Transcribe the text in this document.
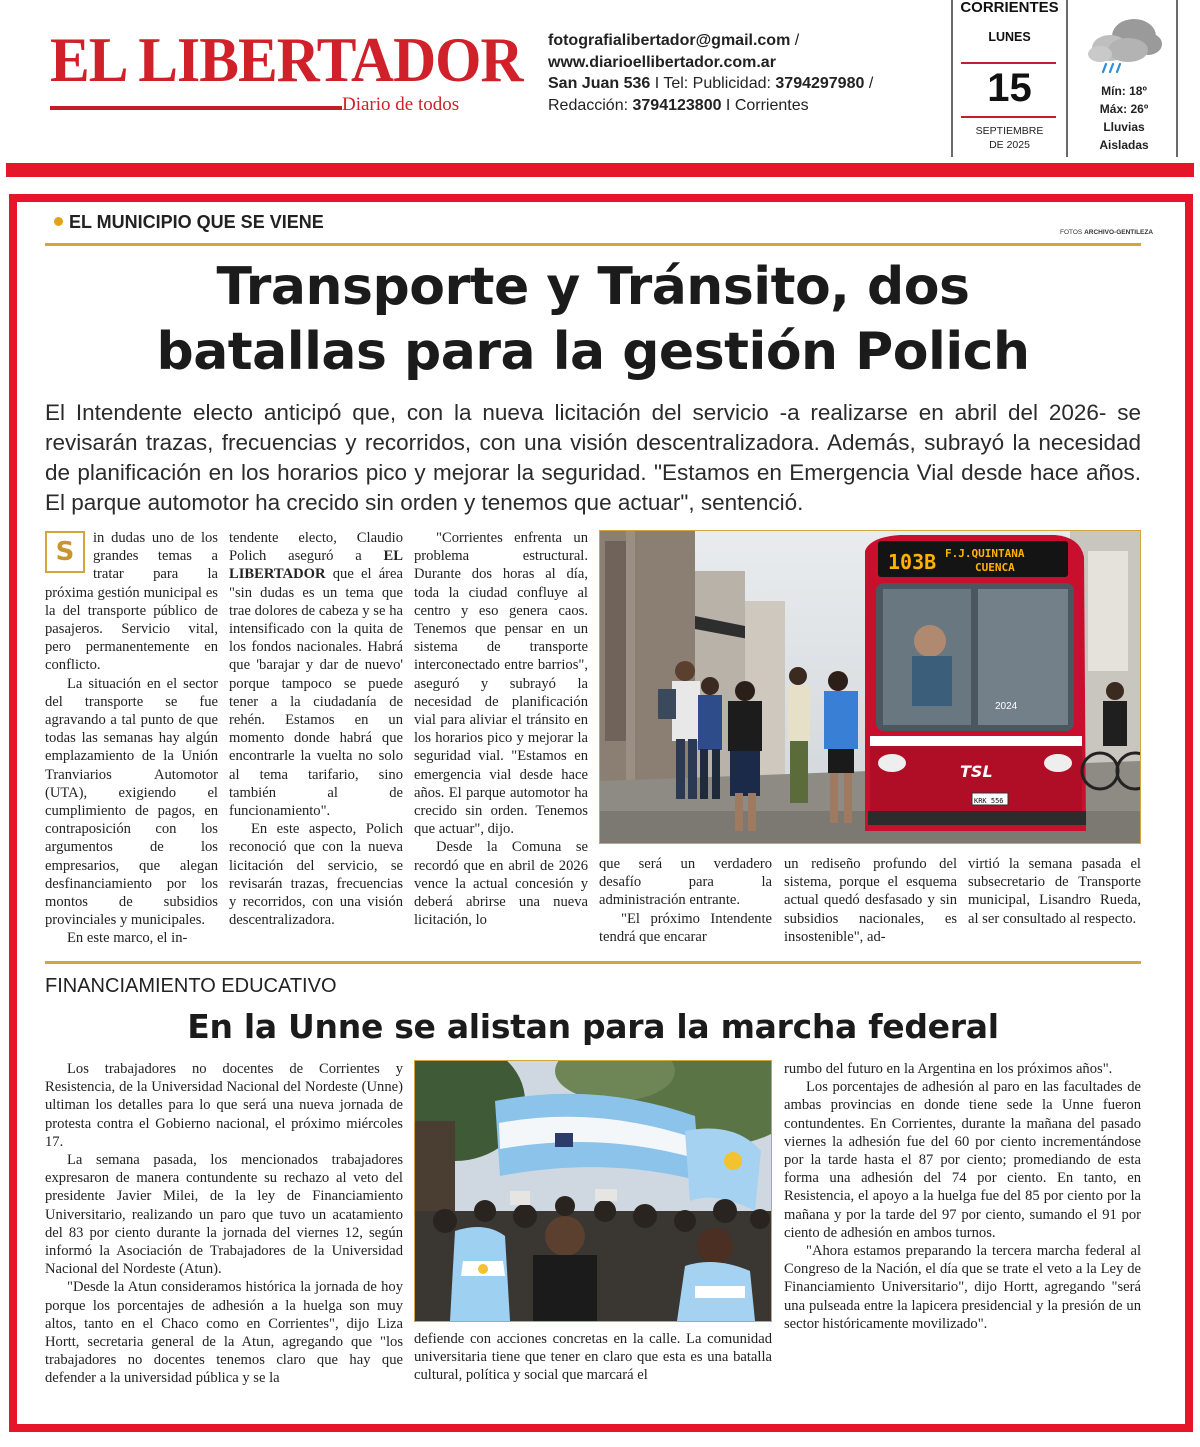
EL LIBERTADOR
Diario de todos
fotografialibertador@gmail.com /
www.diarioellibertador.com.ar
San Juan 536 I Tel: Publicidad: 3794297980 /
Redacción: 3794123800 I Corrientes
CORRIENTES
LUNES
15
SEPTIEMBRE
DE 2025
Mín: 18º
Máx: 26º
Lluvias
Aisladas
EL MUNICIPIO QUE SE VIENE
FOTOS ARCHIVO-GENTILEZA
Transporte y Tránsito, dos
batallas para la gestión Polich
El Intendente electo anticipó que, con la nueva licitación del servicio -a realizarse en abril del 2026- se revisarán trazas, frecuencias y recorridos, con una visión descentralizadora. Además, subrayó la necesidad de planificación en los horarios pico y mejorar la seguridad. "Estamos en Emergencia Vial desde hace años. El parque automotor ha crecido sin orden y tenemos que actuar", sentenció.
S	in dudas uno de los grandes temas a tratar para la próxima gestión municipal es la del transporte público de pasajeros. Servicio vital, pero permanentemente en conflicto.

La situación en el sector del transporte se fue agravando a tal punto de que todas las semanas hay algún emplazamiento de la Unión Tranviarios Automotor (UTA), exigiendo el cumplimiento de pagos, en contraposición con los argumentos de los empresarios, que alegan desfinanciamiento por los montos de subsidios provinciales y municipales.

En este marco, el in-

tendente electo, Claudio Polich aseguró a EL LIBERTADOR que el área "sin dudas es un tema que trae dolores de cabeza y se ha intensificado con la quita de los fondos nacionales. Habrá que 'barajar y dar de nuevo' porque tampoco se puede tener a la ciudadanía de rehén. Estamos en un momento donde habrá que encontrarle la vuelta no solo al tema tarifario, sino también al de funcionamiento".

En este aspecto, Polich reconoció que con la nueva licitación del servicio, se revisarán trazas, frecuencias y recorridos, con una visión descentralizadora.

"Corrientes enfrenta un problema estructural. Durante dos horas al día, toda la ciudad confluye al centro y eso genera caos. Tenemos que pensar en un sistema de transporte interconectado entre barrios", aseguró y subrayó la necesidad de planificación vial para aliviar el tránsito en los horarios pico y mejorar la seguridad vial. "Estamos en emergencia vial desde hace años. El parque automotor ha crecido sin orden. Tenemos que actuar", dijo.

Desde la Comuna se recordó que en abril de 2026 vence la actual concesión y deberá abrirse una nueva licitación, lo

103B F.J.QUINTANA
CUENCA
2024
TSL
KRK 556

que será un verdadero desafío para la administración entrante.

"El próximo Intendente tendrá que encarar

un rediseño profundo del sistema, porque el esquema actual quedó desfasado y sin subsidios nacionales, es insostenible", ad-

virtió la semana pasada el subsecretario de Transporte municipal, Lisandro Rueda, al ser consultado al respecto.

FINANCIAMIENTO EDUCATIVO
En la Unne se alistan para la marcha federal

Los trabajadores no docentes de Corrientes y Resistencia, de la Universidad Nacional del Nordeste (Unne) ultiman los detalles para lo que será una nueva jornada de protesta contra el Gobierno nacional, el próximo miércoles 17.

La semana pasada, los mencionados trabajadores expresaron de manera contundente su rechazo al veto del presidente Javier Milei, de la ley de Financiamiento Universitario, realizando un paro que tuvo un acatamiento del 83 por ciento durante la jornada del viernes 12, según informó la Asociación de Trabajadores de la Universidad Nacional del Nordeste (Atun).

"Desde la Atun consideramos histórica la jornada de hoy porque los porcentajes de adhesión a la huelga son muy altos, tanto en el Chaco como en Corrientes", dijo Liza Hortt, secretaria general de la Atun, agregando que "los trabajadores no docentes tenemos claro que hay que defender a la universidad pública y se la

defiende con acciones concretas en la calle. La comunidad universitaria tiene que tener en claro que esta es una batalla cultural, política y social que marcará el

rumbo del futuro en la Argentina en los próximos años".

Los porcentajes de adhesión al paro en las facultades de ambas provincias en donde tiene sede la Unne fueron contundentes. En Corrientes, durante la mañana del pasado viernes la adhesión fue del 60 por ciento incrementándose por la tarde hasta el 87 por ciento; promediando de esta forma una adhesión del 74 por ciento. En tanto, en Resistencia, el apoyo a la huelga fue del 85 por ciento por la mañana y por la tarde del 97 por ciento, sumando el 91 por ciento de adhesión en ambos turnos.

"Ahora estamos preparando la tercera marcha federal al Congreso de la Nación, el día que se trate el veto a la Ley de Financiamiento Universitario", dijo Hortt, agregando "será una pulseada entre la lapicera presidencial y la presión de un sector históricamente movilizado".
